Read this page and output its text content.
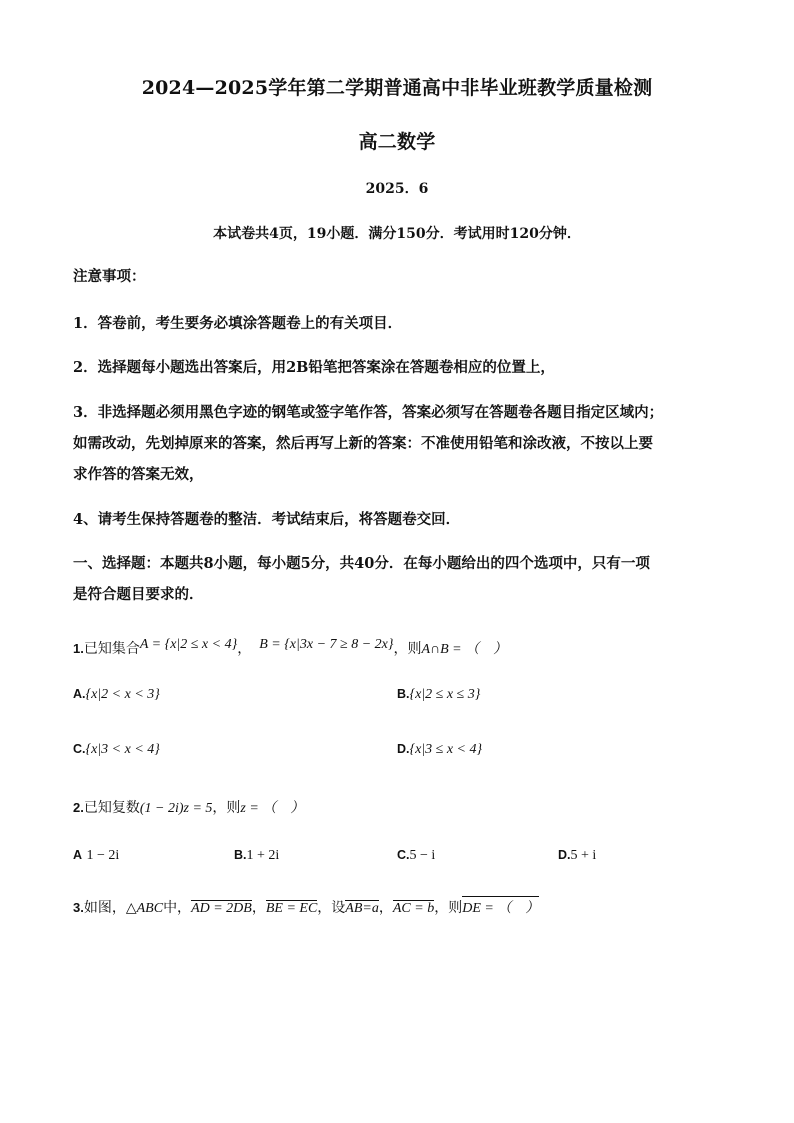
2024—2025学年第二学期普通高中非毕业班教学质量检测
高二数学
2025．6
本试卷共4页，19小题．满分150分．考试用时120分钟．
注意事项：
1．答卷前，考生要务必填涂答题卷上的有关项目．
2．选择题每小题选出答案后，用2B铅笔把答案涂在答题卷相应的位置上，
3．非选择题必须用黑色字迹的钢笔或签字笔作答，答案必须写在答题卷各题目指定区域内；
如需改动，先划掉原来的答案，然后再写上新的答案：不准使用铅笔和涂改液，不按以上要
求作答的答案无效，
4、请考生保持答题卷的整洁．考试结束后，将答题卷交回．
一、选择题：本题共8小题，每小题5分，共40分．在每小题给出的四个选项中，只有一项
是符合题目要求的．
1.已知集合A = {x|2 ≤ x < 4}， B = {x|3x − 7 ≥ 8 − 2x}，则A∩B = （　）
A.{x|2 < x < 3}	B.{x|2 ≤ x ≤ 3}
C.{x|3 < x < 4}	D.{x|3 ≤ x < 4}
2.已知复数(1 − 2i)z = 5，则z = （　）
A 1 − 2i	B.1 + 2i	C.5 − i	D.5 + i
3.如图，△ABC中，AD = 2DB，BE = EC，设AB=a，AC = b，则DE = （　）
